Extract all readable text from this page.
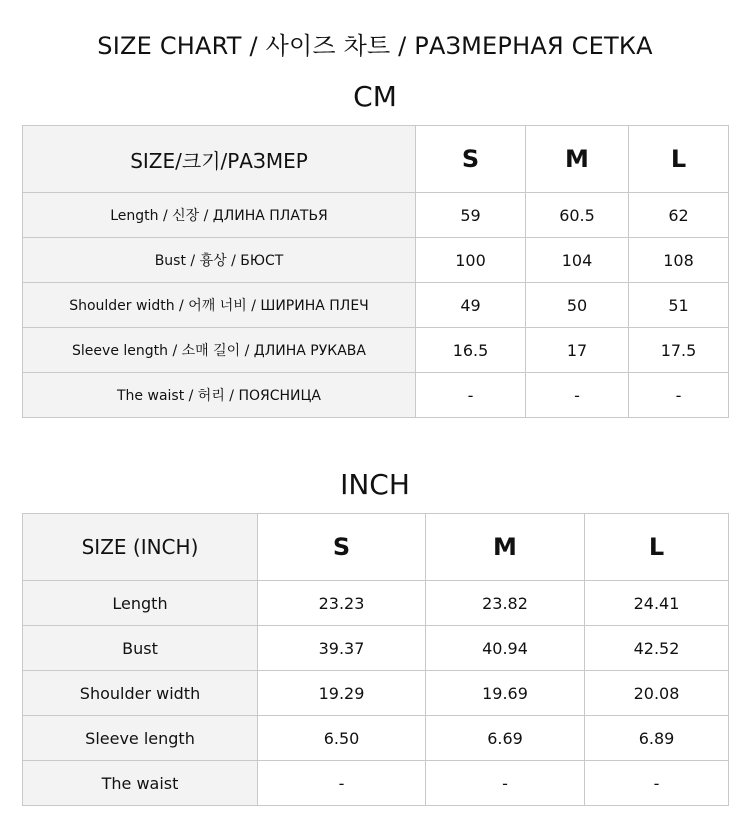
SIZE CHART / 사이즈 차트 / РАЗМЕРНАЯ СЕТКА
CM
SIZE/크기/РАЗМЕР	S	M	L
Length / 신장 / ДЛИНА ПЛАТЬЯ	59	60.5	62
Bust / 흉상 / БЮСТ	100	104	108
Shoulder width / 어깨 너비 / ШИРИНА ПЛЕЧ	49	50	51
Sleeve length / 소매 길이 / ДЛИНА РУКАВА	16.5	17	17.5
The waist / 허리 / ПОЯСНИЦА	-	-	-
INCH
SIZE (INCH)	S	M	L
Length	23.23	23.82	24.41
Bust	39.37	40.94	42.52
Shoulder width	19.29	19.69	20.08
Sleeve length	6.50	6.69	6.89
The waist	-	-	-
